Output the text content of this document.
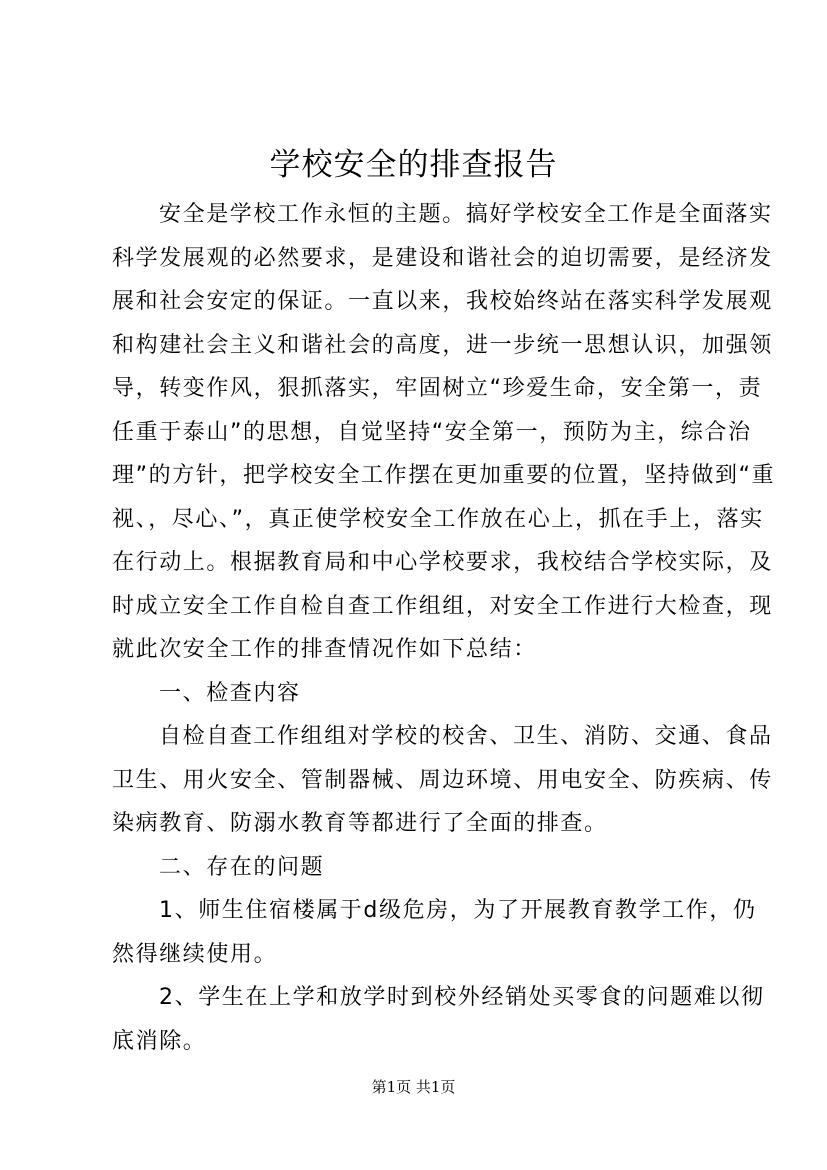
学校安全的排查报告
安全是学校工作永恒的主题。搞好学校安全工作是全面落实
科学发展观的必然要求，是建设和谐社会的迫切需要，是经济发
展和社会安定的保证。一直以来，我校始终站在落实科学发展观
和构建社会主义和谐社会的高度，进一步统一思想认识，加强领
导，转变作风，狠抓落实，牢固树立“珍爱生命，安全第一，责
任重于泰山”的思想，自觉坚持“安全第一，预防为主，综合治
理”的方针，把学校安全工作摆在更加重要的位置，坚持做到“重
视、，尽心、”，真正使学校安全工作放在心上，抓在手上，落实
在行动上。根据教育局和中心学校要求，我校结合学校实际，及
时成立安全工作自检自查工作组组，对安全工作进行大检查，现
就此次安全工作的排查情况作如下总结：
一、检查内容
自检自查工作组组对学校的校舍、卫生、消防、交通、食品
卫生、用火安全、管制器械、周边环境、用电安全、防疾病、传
染病教育、防溺水教育等都进行了全面的排查。
二、存在的问题
1、师生住宿楼属于d级危房，为了开展教育教学工作，仍
然得继续使用。
2、学生在上学和放学时到校外经销处买零食的问题难以彻
底消除。
第1页 共1页
